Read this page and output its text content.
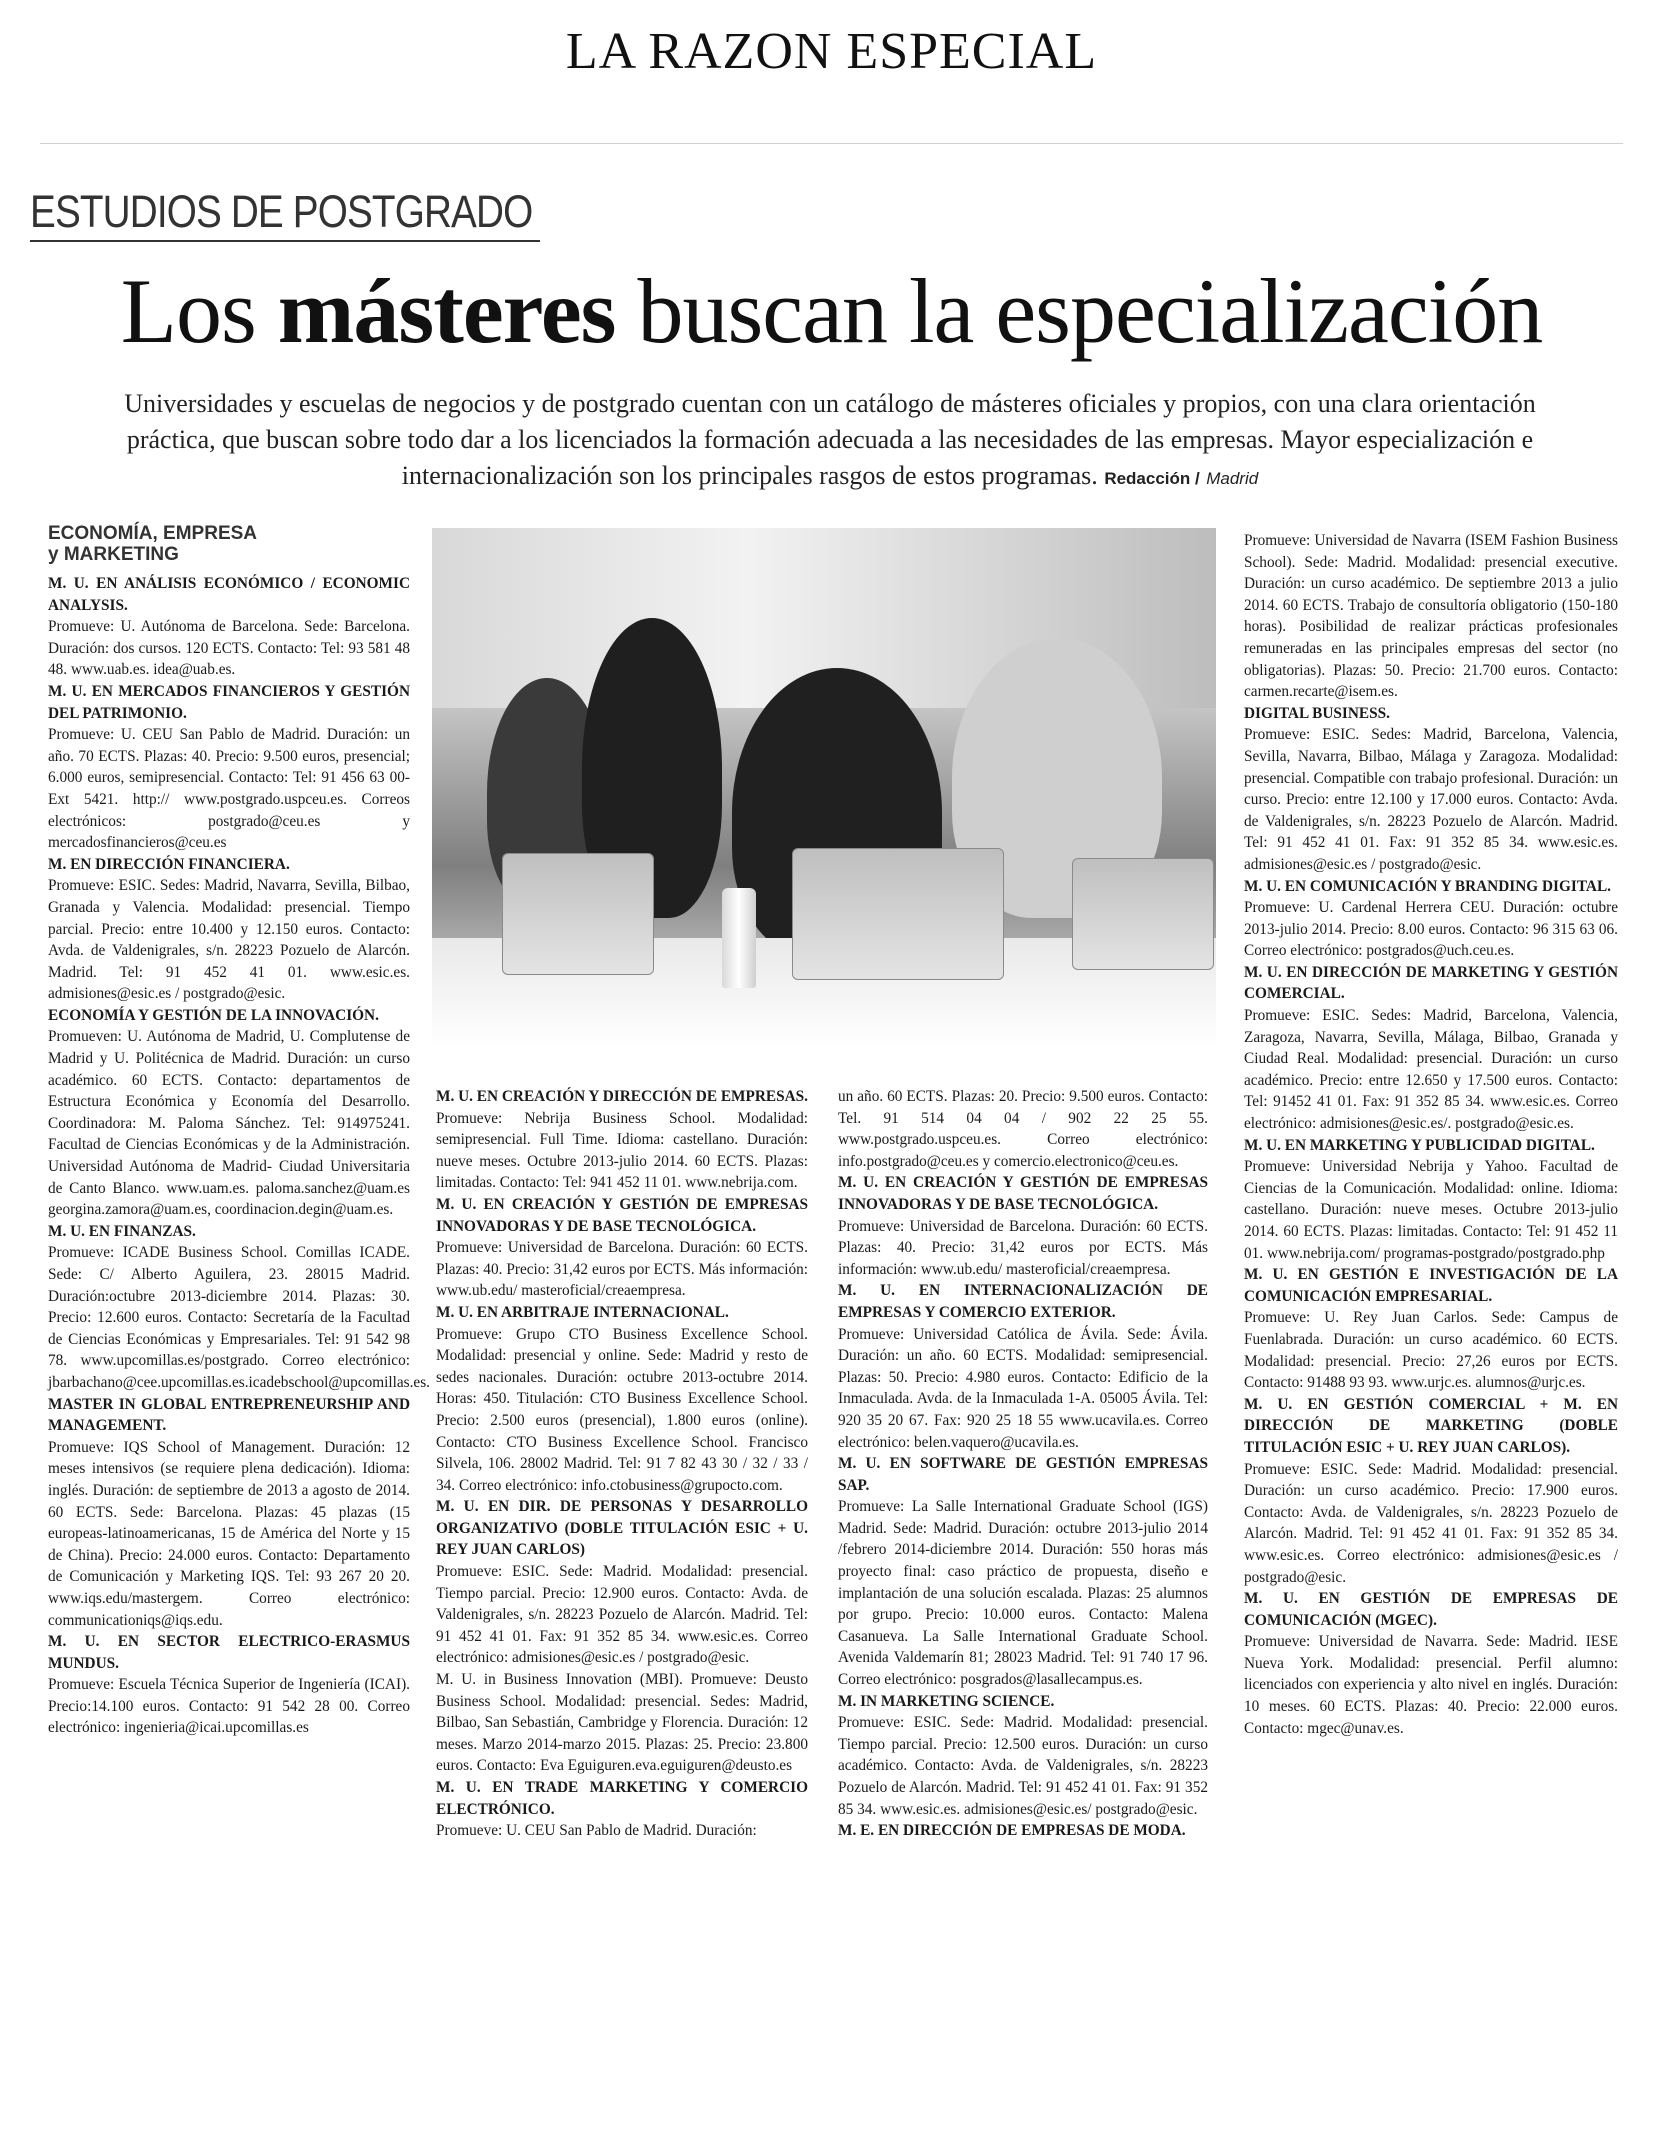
LA RAZON ESPECIAL
ESTUDIOS DE POSTGRADO
Los másteres buscan la especialización
Universidades y escuelas de negocios y de postgrado cuentan con un catálogo de másteres oficiales y propios, con una clara orientación práctica, que buscan sobre todo dar a los licenciados la formación adecuada a las necesidades de las empresas. Mayor especialización e internacionalización son los principales rasgos de estos programas. Redacción / Madrid
ECONOMÍA, EMPRESA
y MARKETING

M. U. EN ANÁLISIS ECONÓMICO / ECONOMIC ANALYSIS.
Promueve: U. Autónoma de Barcelona. Sede: Barcelona. Duración: dos cursos. 120 ECTS. Contacto: Tel: 93 581 48 48. www.uab.es. idea@uab.es.

M. U. EN MERCADOS FINANCIEROS Y GESTIÓN DEL PATRIMONIO.
Promueve: U. CEU San Pablo de Madrid. Duración: un año. 70 ECTS. Plazas: 40. Precio: 9.500 euros, presencial; 6.000 euros, semipresencial. Contacto: Tel: 91 456 63 00-Ext 5421. http:// www.postgrado.uspceu.es. Correos electrónicos: postgrado@ceu.es y mercadosfinancieros@ceu.es

M. EN DIRECCIÓN FINANCIERA.
Promueve: ESIC. Sedes: Madrid, Navarra, Sevilla, Bilbao, Granada y Valencia. Modalidad: presencial. Tiempo parcial. Precio: entre 10.400 y 12.150 euros. Contacto: Avda. de Valdenigrales, s/n. 28223 Pozuelo de Alarcón. Madrid. Tel: 91 452 41 01. www.esic.es. admisiones@esic.es / postgrado@esic.

ECONOMÍA Y GESTIÓN DE LA INNOVACIÓN.
Promueven: U. Autónoma de Madrid, U. Complutense de Madrid y U. Politécnica de Madrid. Duración: un curso académico. 60 ECTS. Contacto: departamentos de Estructura Económica y Economía del Desarrollo. Coordinadora: M. Paloma Sánchez. Tel: 914975241. Facultad de Ciencias Económicas y de la Administración. Universidad Autónoma de Madrid- Ciudad Universitaria de Canto Blanco. www.uam.es. paloma.sanchez@uam.es georgina.zamora@uam.es, coordinacion.degin@uam.es.

M. U. EN FINANZAS.
Promueve: ICADE Business School. Comillas ICADE. Sede: C/ Alberto Aguilera, 23. 28015 Madrid. Duración:octubre 2013-diciembre 2014. Plazas: 30. Precio: 12.600 euros. Contacto: Secretaría de la Facultad de Ciencias Económicas y Empresariales. Tel: 91 542 98 78. www.upcomillas.es/postgrado. Correo electrónico: jbarbachano@cee.upcomillas.es.icadebschool@upcomillas.es.

MASTER IN GLOBAL ENTREPRENEURSHIP AND MANAGEMENT.
Promueve: IQS School of Management. Duración: 12 meses intensivos (se requiere plena dedicación). Idioma: inglés. Duración: de septiembre de 2013 a agosto de 2014. 60 ECTS. Sede: Barcelona. Plazas: 45 plazas (15 europeas-latinoamericanas, 15 de América del Norte y 15 de China). Precio: 24.000 euros. Contacto: Departamento de Comunicación y Marketing IQS. Tel: 93 267 20 20. www.iqs.edu/mastergem. Correo electrónico: communicationiqs@iqs.edu.

M. U. EN SECTOR ELECTRICO-ERASMUS MUNDUS.
Promueve: Escuela Técnica Superior de Ingeniería (ICAI). Precio:14.100 euros. Contacto: 91 542 28 00. Correo electrónico: ingenieria@icai.upcomillas.es

M. U. EN CREACIÓN Y DIRECCIÓN DE EMPRESAS.
Promueve: Nebrija Business School. Modalidad: semipresencial. Full Time. Idioma: castellano. Duración: nueve meses. Octubre 2013-julio 2014. 60 ECTS. Plazas: limitadas. Contacto: Tel: 941 452 11 01. www.nebrija.com.

M. U. EN CREACIÓN Y GESTIÓN DE EMPRESAS INNOVADORAS Y DE BASE TECNOLÓGICA.
Promueve: Universidad de Barcelona. Duración: 60 ECTS. Plazas: 40. Precio: 31,42 euros por ECTS. Más información: www.ub.edu/ masteroficial/creaempresa.

M. U. EN ARBITRAJE INTERNACIONAL.
Promueve: Grupo CTO Business Excellence School. Modalidad: presencial y online. Sede: Madrid y resto de sedes nacionales. Duración: octubre 2013-octubre 2014. Horas: 450. Titulación: CTO Business Excellence School. Precio: 2.500 euros (presencial), 1.800 euros (online). Contacto: CTO Business Excellence School. Francisco Silvela, 106. 28002 Madrid. Tel: 91 7 82 43 30 / 32 / 33 / 34. Correo electrónico: info.ctobusiness@grupocto.com.

M. U. EN DIR. DE PERSONAS Y DESARROLLO ORGANIZATIVO (DOBLE TITULACIÓN ESIC + U. REY JUAN CARLOS)
Promueve: ESIC. Sede: Madrid. Modalidad: presencial. Tiempo parcial. Precio: 12.900 euros. Contacto: Avda. de Valdenigrales, s/n. 28223 Pozuelo de Alarcón. Madrid. Tel: 91 452 41 01. Fax: 91 352 85 34. www.esic.es. Correo electrónico: admisiones@esic.es / postgrado@esic.

M. U. in Business Innovation (MBI). Promueve: Deusto Business School. Modalidad: presencial. Sedes: Madrid, Bilbao, San Sebastián, Cambridge y Florencia. Duración: 12 meses. Marzo 2014-marzo 2015. Plazas: 25. Precio: 23.800 euros. Contacto: Eva Eguiguren.eva.eguiguren@deusto.es

M. U. EN TRADE MARKETING Y COMERCIO ELECTRÓNICO.
Promueve: U. CEU San Pablo de Madrid. Duración:

un año. 60 ECTS. Plazas: 20. Precio: 9.500 euros. Contacto: Tel. 91 514 04 04 / 902 22 25 55. www.postgrado.uspceu.es. Correo electrónico: info.postgrado@ceu.es y comercio.electronico@ceu.es.

M. U. EN CREACIÓN Y GESTIÓN DE EMPRESAS INNOVADORAS Y DE BASE TECNOLÓGICA.
Promueve: Universidad de Barcelona. Duración: 60 ECTS. Plazas: 40. Precio: 31,42 euros por ECTS. Más información: www.ub.edu/ masteroficial/creaempresa.

M. U. EN INTERNACIONALIZACIÓN DE EMPRESAS Y COMERCIO EXTERIOR.
Promueve: Universidad Católica de Ávila. Sede: Ávila. Duración: un año. 60 ECTS. Modalidad: semipresencial. Plazas: 50. Precio: 4.980 euros. Contacto: Edificio de la Inmaculada. Avda. de la Inmaculada 1-A. 05005 Ávila. Tel: 920 35 20 67. Fax: 920 25 18 55 www.ucavila.es. Correo electrónico: belen.vaquero@ucavila.es.

M. U. EN SOFTWARE DE GESTIÓN EMPRESAS SAP.
Promueve: La Salle International Graduate School (IGS) Madrid. Sede: Madrid. Duración: octubre 2013-julio 2014 /febrero 2014-diciembre 2014. Duración: 550 horas más proyecto final: caso práctico de propuesta, diseño e implantación de una solución escalada. Plazas: 25 alumnos por grupo. Precio: 10.000 euros. Contacto: Malena Casanueva. La Salle International Graduate School. Avenida Valdemarín 81; 28023 Madrid. Tel: 91 740 17 96. Correo electrónico: posgrados@lasallecampus.es.

M. IN MARKETING SCIENCE.
Promueve: ESIC. Sede: Madrid. Modalidad: presencial. Tiempo parcial. Precio: 12.500 euros. Duración: un curso académico. Contacto: Avda. de Valdenigrales, s/n. 28223 Pozuelo de Alarcón. Madrid. Tel: 91 452 41 01. Fax: 91 352 85 34. www.esic.es. admisiones@esic.es/ postgrado@esic.

M. E. EN DIRECCIÓN DE EMPRESAS DE MODA.

Promueve: Universidad de Navarra (ISEM Fashion Business School). Sede: Madrid. Modalidad: presencial executive. Duración: un curso académico. De septiembre 2013 a julio 2014. 60 ECTS. Trabajo de consultoría obligatorio (150-180 horas). Posibilidad de realizar prácticas profesionales remuneradas en las principales empresas del sector (no obligatorias). Plazas: 50. Precio: 21.700 euros. Contacto: carmen.recarte@isem.es.

DIGITAL BUSINESS.
Promueve: ESIC. Sedes: Madrid, Barcelona, Valencia, Sevilla, Navarra, Bilbao, Málaga y Zaragoza. Modalidad: presencial. Compatible con trabajo profesional. Duración: un curso. Precio: entre 12.100 y 17.000 euros. Contacto: Avda. de Valdenigrales, s/n. 28223 Pozuelo de Alarcón. Madrid. Tel: 91 452 41 01. Fax: 91 352 85 34. www.esic.es. admisiones@esic.es / postgrado@esic.

M. U. EN COMUNICACIÓN Y BRANDING DIGITAL.
Promueve: U. Cardenal Herrera CEU. Duración: octubre 2013-julio 2014. Precio: 8.00 euros. Contacto: 96 315 63 06. Correo electrónico: postgrados@uch.ceu.es.

M. U. EN DIRECCIÓN DE MARKETING Y GESTIÓN COMERCIAL.
Promueve: ESIC. Sedes: Madrid, Barcelona, Valencia, Zaragoza, Navarra, Sevilla, Málaga, Bilbao, Granada y Ciudad Real. Modalidad: presencial. Duración: un curso académico. Precio: entre 12.650 y 17.500 euros. Contacto: Tel: 91452 41 01. Fax: 91 352 85 34. www.esic.es. Correo electrónico: admisiones@esic.es/. postgrado@esic.es.

M. U. EN MARKETING Y PUBLICIDAD DIGITAL.
Promueve: Universidad Nebrija y Yahoo. Facultad de Ciencias de la Comunicación. Modalidad: online. Idioma: castellano. Duración: nueve meses. Octubre 2013-julio 2014. 60 ECTS. Plazas: limitadas. Contacto: Tel: 91 452 11 01. www.nebrija.com/ programas-postgrado/postgrado.php

M. U. EN GESTIÓN E INVESTIGACIÓN DE LA COMUNICACIÓN EMPRESARIAL.
Promueve: U. Rey Juan Carlos. Sede: Campus de Fuenlabrada. Duración: un curso académico. 60 ECTS. Modalidad: presencial. Precio: 27,26 euros por ECTS. Contacto: 91488 93 93. www.urjc.es. alumnos@urjc.es.

M. U. EN GESTIÓN COMERCIAL + M. EN DIRECCIÓN DE MARKETING (DOBLE TITULACIÓN ESIC + U. REY JUAN CARLOS).
Promueve: ESIC. Sede: Madrid. Modalidad: presencial. Duración: un curso académico. Precio: 17.900 euros. Contacto: Avda. de Valdenigrales, s/n. 28223 Pozuelo de Alarcón. Madrid. Tel: 91 452 41 01. Fax: 91 352 85 34. www.esic.es. Correo electrónico: admisiones@esic.es / postgrado@esic.

M. U. EN GESTIÓN DE EMPRESAS DE COMUNICACIÓN (MGEC).
Promueve: Universidad de Navarra. Sede: Madrid. IESE Nueva York. Modalidad: presencial. Perfil alumno: licenciados con experiencia y alto nivel en inglés. Duración: 10 meses. 60 ECTS. Plazas: 40. Precio: 22.000 euros. Contacto: mgec@unav.es.
